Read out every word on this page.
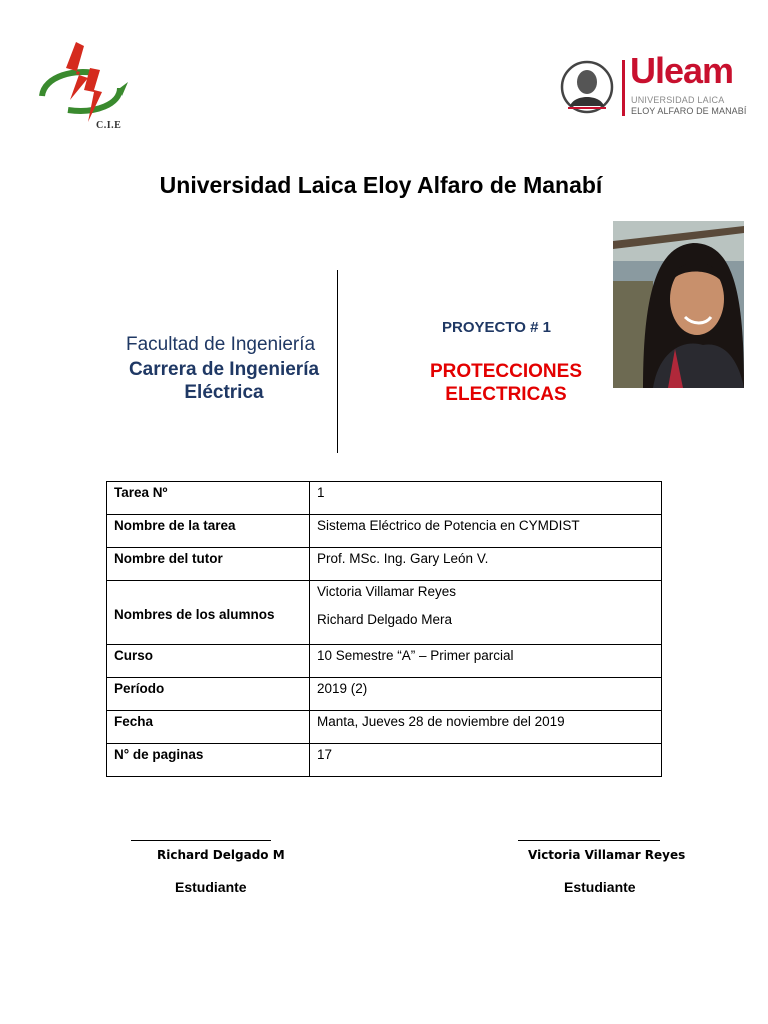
C.I.E
Uleam
UNIVERSIDAD LAICA
ELOY ALFARO DE MANABÍ
Universidad Laica Eloy Alfaro de Manabí
Facultad de Ingeniería
Carrera de Ingeniería
Eléctrica
PROYECTO # 1
PROTECCIONES
ELECTRICAS
Tarea Nº	1
Nombre de la tarea	Sistema Eléctrico de Potencia en CYMDIST
Nombre del tutor	Prof. MSc. Ing. Gary León V.
Nombres de los alumnos	Victoria Villamar Reyes
Richard Delgado Mera

Curso	10 Semestre “A” – Primer parcial
Período	2019 (2)
Fecha	Manta, Jueves 28 de noviembre del 2019
N° de paginas	17
Richard Delgado M	Victoria Villamar Reyes
Estudiante	Estudiante
